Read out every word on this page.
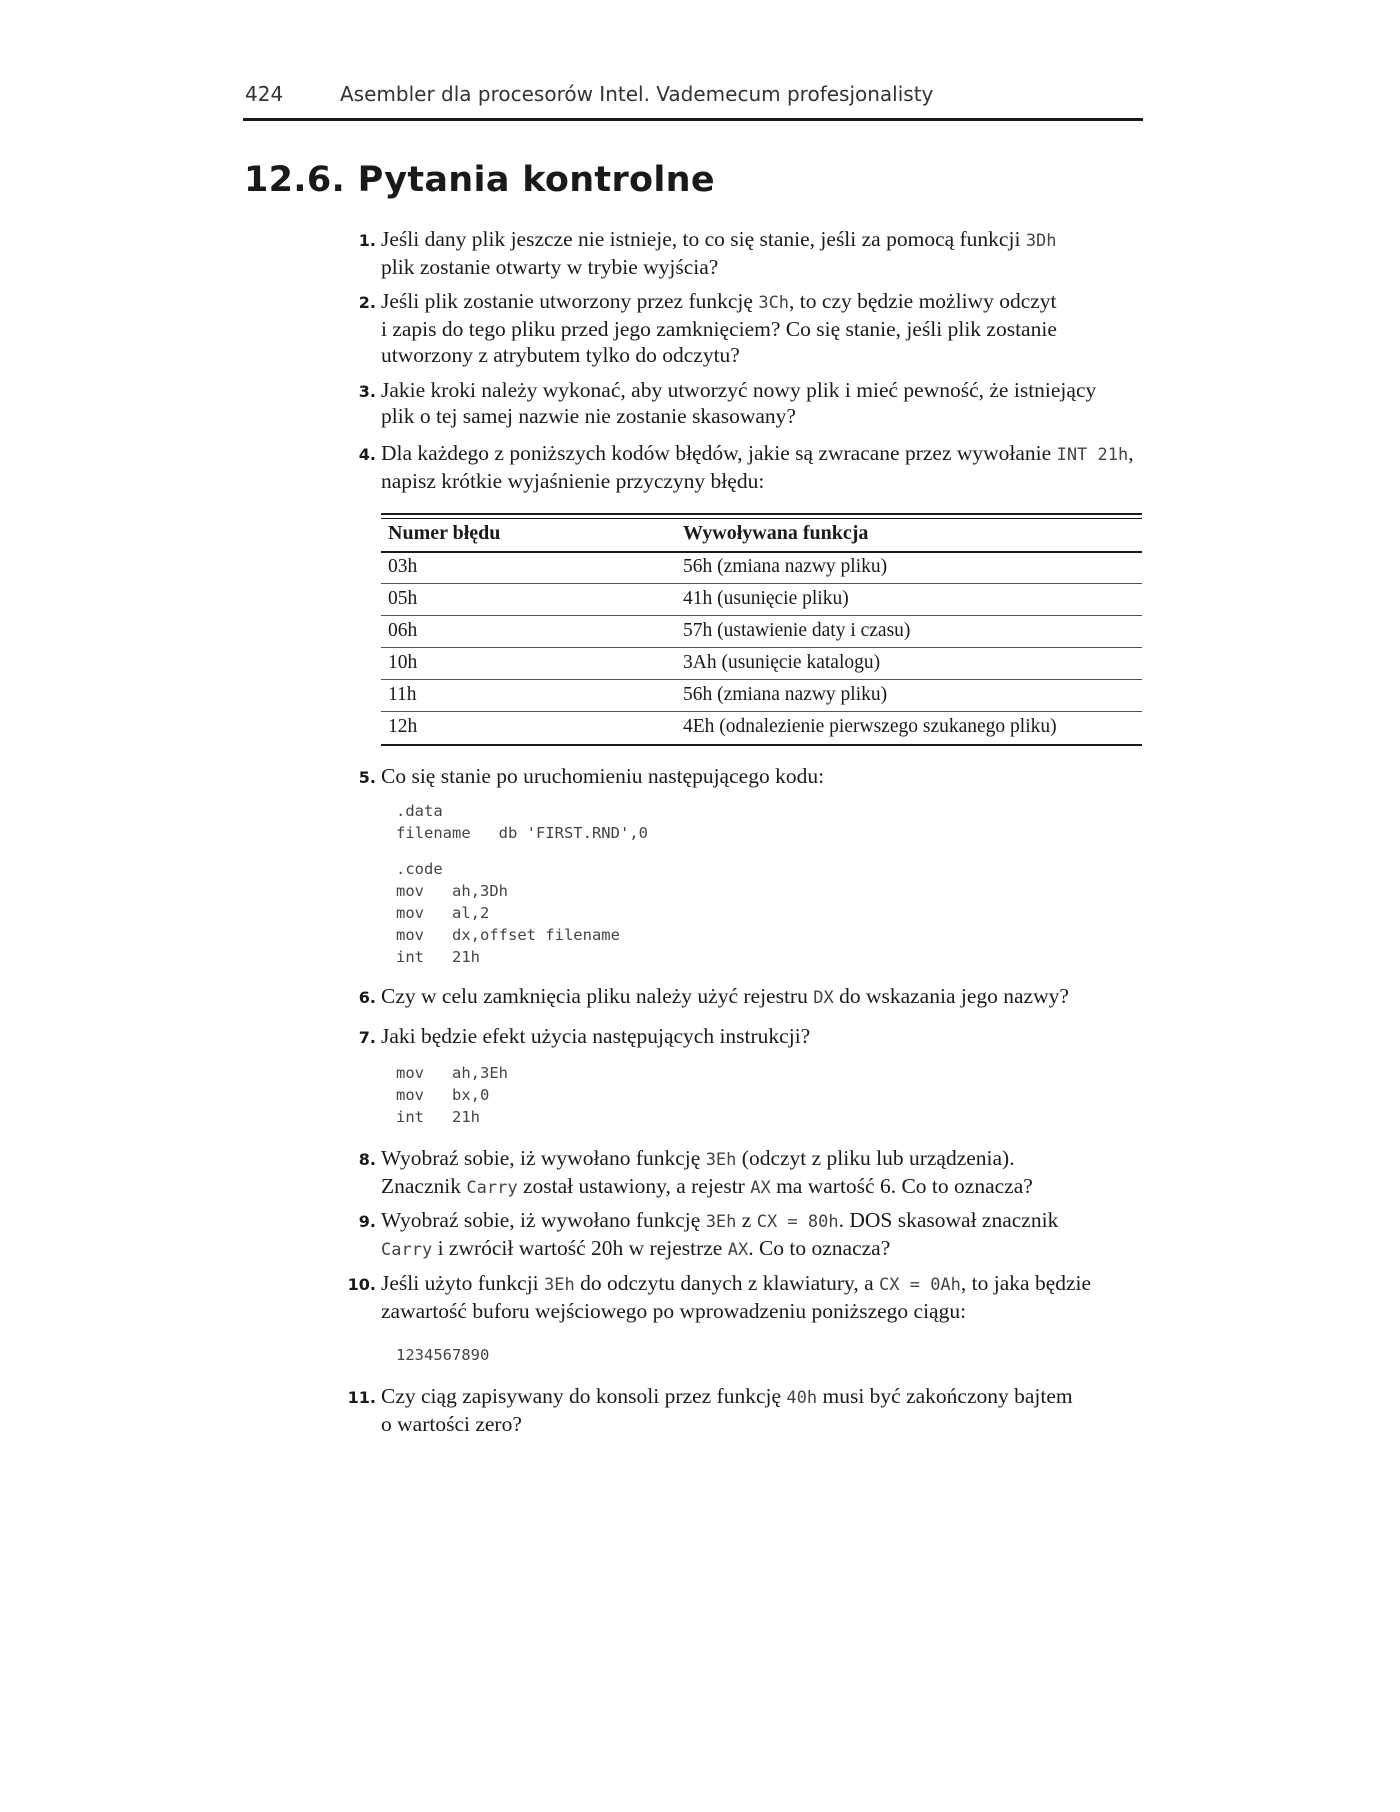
424	Asembler dla procesorów Intel. Vademecum profesjonalisty
12.6. Pytania kontrolne
1. Jeśli dany plik jeszcze nie istnieje, to co się stanie, jeśli za pomocą funkcji 3Dh
plik zostanie otwarty w trybie wyjścia?
2. Jeśli plik zostanie utworzony przez funkcję 3Ch, to czy będzie możliwy odczyt
i zapis do tego pliku przed jego zamknięciem? Co się stanie, jeśli plik zostanie
utworzony z atrybutem tylko do odczytu?
3. Jakie kroki należy wykonać, aby utworzyć nowy plik i mieć pewność, że istniejący
plik o tej samej nazwie nie zostanie skasowany?
4. Dla każdego z poniższych kodów błędów, jakie są zwracane przez wywołanie INT 21h,
napisz krótkie wyjaśnienie przyczyny błędu:
Numer błędu	Wywoływana funkcja
03h	56h (zmiana nazwy pliku)
05h	41h (usunięcie pliku)
06h	57h (ustawienie daty i czasu)
10h	3Ah (usunięcie katalogu)
11h	56h (zmiana nazwy pliku)
12h	4Eh (odnalezienie pierwszego szukanego pliku)
5. Co się stanie po uruchomieniu następującego kodu:
.data
filename   db 'FIRST.RND',0
.code
mov   ah,3Dh
mov   al,2
mov   dx,offset filename
int   21h
6. Czy w celu zamknięcia pliku należy użyć rejestru DX do wskazania jego nazwy?
7. Jaki będzie efekt użycia następujących instrukcji?
mov   ah,3Eh
mov   bx,0
int   21h
8. Wyobraź sobie, iż wywołano funkcję 3Eh (odczyt z pliku lub urządzenia).
Znacznik Carry został ustawiony, a rejestr AX ma wartość 6. Co to oznacza?
9. Wyobraź sobie, iż wywołano funkcję 3Eh z CX = 80h. DOS skasował znacznik
Carry i zwrócił wartość 20h w rejestrze AX. Co to oznacza?
10. Jeśli użyto funkcji 3Eh do odczytu danych z klawiatury, a CX = 0Ah, to jaka będzie
zawartość buforu wejściowego po wprowadzeniu poniższego ciągu:
1234567890
11. Czy ciąg zapisywany do konsoli przez funkcję 40h musi być zakończony bajtem
o wartości zero?
